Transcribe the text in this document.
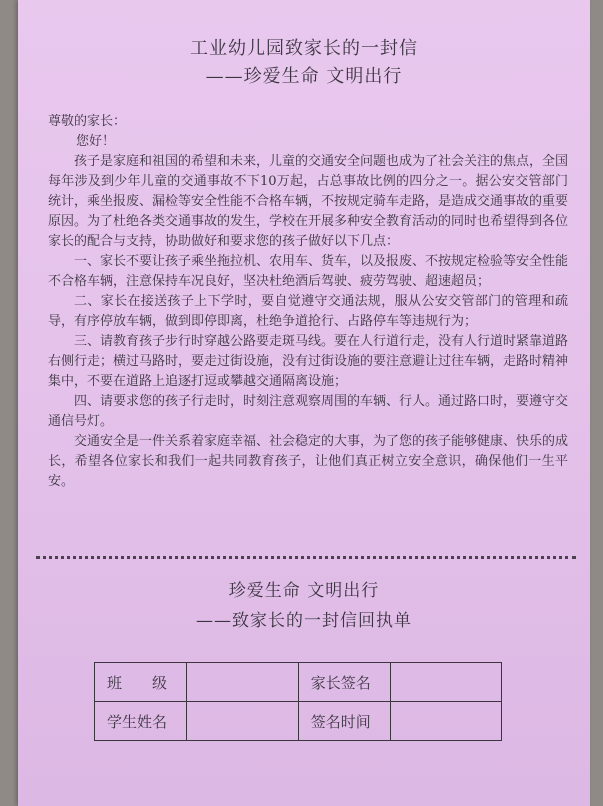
工业幼儿园致家长的一封信
——珍爱生命 文明出行

尊敬的家长：

您好！

孩子是家庭和祖国的希望和未来，儿童的交通安全问题也成为了社会关注的焦点，全国每年涉及到少年儿童的交通事故不下10万起，占总事故比例的四分之一。据公安交管部门统计，乘坐报废、漏检等安全性能不合格车辆，不按规定骑车走路，是造成交通事故的重要原因。为了杜绝各类交通事故的发生，学校在开展多种安全教育活动的同时也希望得到各位家长的配合与支持，协助做好和要求您的孩子做好以下几点：

一、家长不要让孩子乘坐拖拉机、农用车、货车，以及报废、不按规定检验等安全性能不合格车辆，注意保持车况良好，坚决杜绝酒后驾驶、疲劳驾驶、超速超员；

二、家长在接送孩子上下学时，要自觉遵守交通法规，服从公安交管部门的管理和疏导，有序停放车辆，做到即停即离，杜绝争道抢行、占路停车等违规行为；

三、请教育孩子步行时穿越公路要走斑马线。要在人行道行走，没有人行道时紧靠道路右侧行走；横过马路时，要走过街设施，没有过街设施的要注意避让过往车辆，走路时精神集中，不要在道路上追逐打逗或攀越交通隔离设施；

四、请要求您的孩子行走时，时刻注意观察周围的车辆、行人。通过路口时，要遵守交通信号灯。

交通安全是一件关系着家庭幸福、社会稳定的大事，为了您的孩子能够健康、快乐的成长，希望各位家长和我们一起共同教育孩子，让他们真正树立安全意识，确保他们一生平安。

珍爱生命 文明出行
——致家长的一封信回执单
班　　级		家长签名	
学生姓名		签名时间	
